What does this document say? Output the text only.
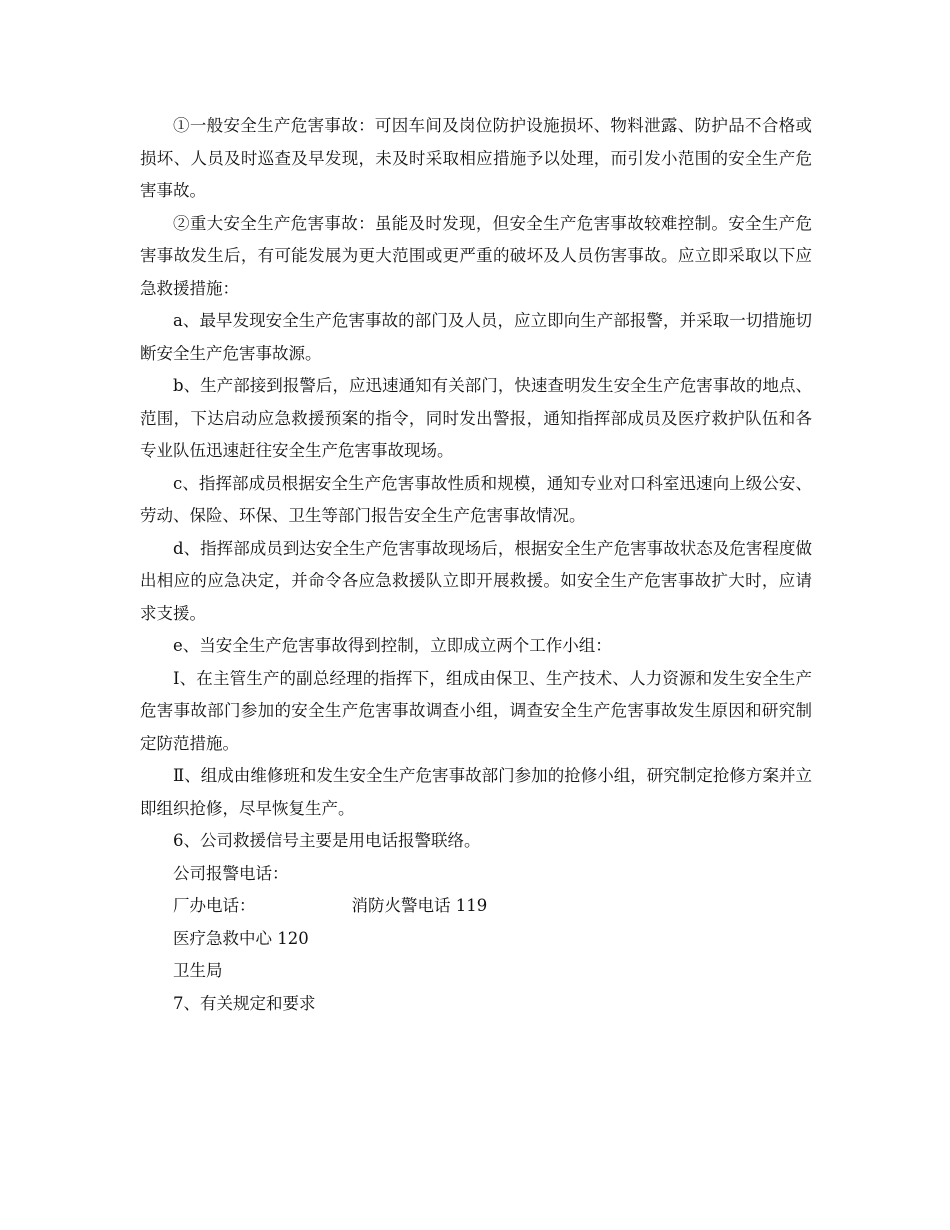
①一般安全生产危害事故：可因车间及岗位防护设施损坏、物料泄露、防护品不合格或损坏、人员及时巡查及早发现，未及时采取相应措施予以处理，而引发小范围的安全生产危害事故。

②重大安全生产危害事故：虽能及时发现，但安全生产危害事故较难控制。安全生产危害事故发生后，有可能发展为更大范围或更严重的破坏及人员伤害事故。应立即采取以下应急救援措施：

a、最早发现安全生产危害事故的部门及人员，应立即向生产部报警，并采取一切措施切断安全生产危害事故源。

b、生产部接到报警后，应迅速通知有关部门，快速查明发生安全生产危害事故的地点、范围，下达启动应急救援预案的指令，同时发出警报，通知指挥部成员及医疗救护队伍和各专业队伍迅速赶往安全生产危害事故现场。

c、指挥部成员根据安全生产危害事故性质和规模，通知专业对口科室迅速向上级公安、劳动、保险、环保、卫生等部门报告安全生产危害事故情况。

d、指挥部成员到达安全生产危害事故现场后，根据安全生产危害事故状态及危害程度做出相应的应急决定，并命令各应急救援队立即开展救援。如安全生产危害事故扩大时，应请求支援。

e、当安全生产危害事故得到控制，立即成立两个工作小组：

Ⅰ、在主管生产的副总经理的指挥下，组成由保卫、生产技术、人力资源和发生安全生产危害事故部门参加的安全生产危害事故调查小组，调查安全生产危害事故发生原因和研究制定防范措施。

Ⅱ、组成由维修班和发生安全生产危害事故部门参加的抢修小组，研究制定抢修方案并立即组织抢修，尽早恢复生产。

6、公司救援信号主要是用电话报警联络。

公司报警电话：
厂办电话：	消防火警电话 119
医疗急救中心 120
卫生局
7、有关规定和要求
